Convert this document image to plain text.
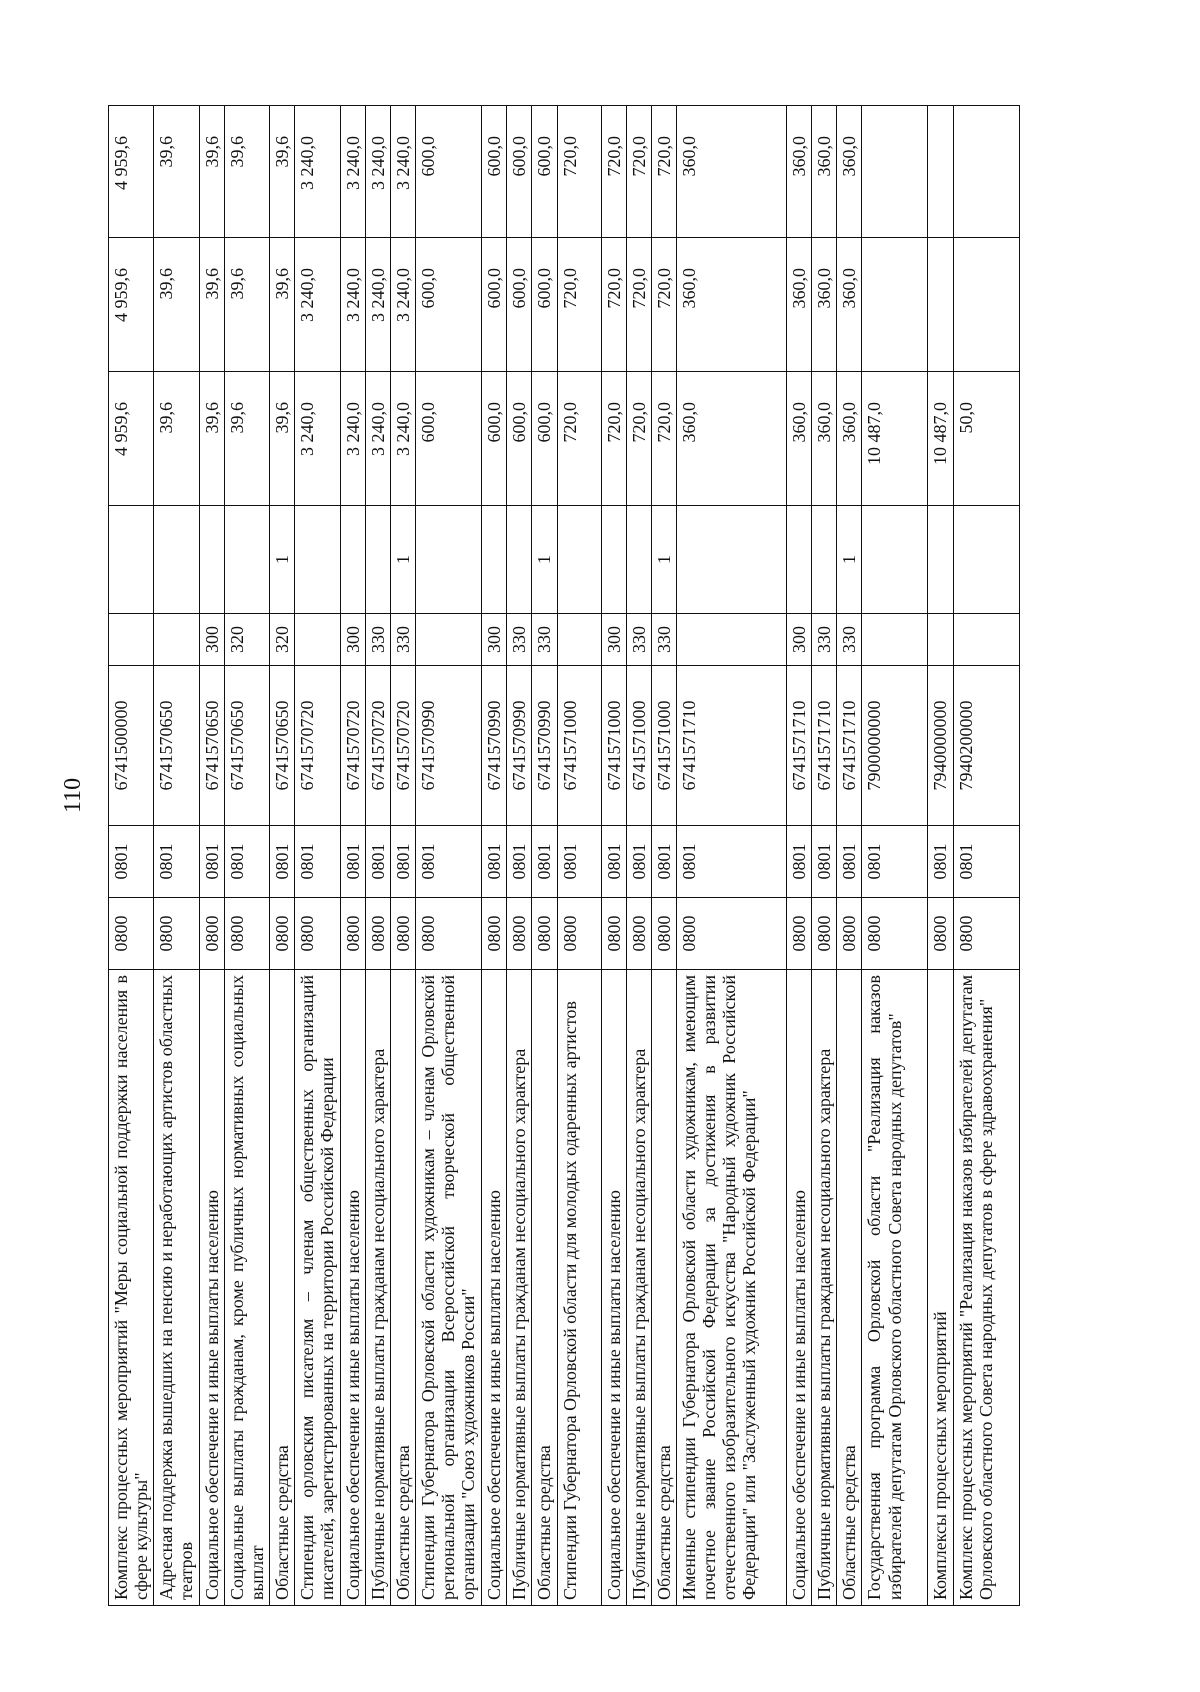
110
Комплекс процессных мероприятий "Меры социальной поддержки населения в сфере культуры"	0800	0801	6741500000			4 959,6	4 959,6	4 959,6
Адресная поддержка вышедших на пенсию и неработающих артистов областных театров	0800	0801	6741570650			39,6	39,6	39,6
Социальное обеспечение и иные выплаты населению	0800	0801	6741570650	300		39,6	39,6	39,6
Социальные выплаты гражданам, кроме публичных нормативных социальных выплат	0800	0801	6741570650	320		39,6	39,6	39,6
Областные средства	0800	0801	6741570650	320	1	39,6	39,6	39,6
Стипендии орловским писателям – членам общественных организаций писателей, зарегистрированных на территории Российской Федерации	0800	0801	6741570720			3 240,0	3 240,0	3 240,0
Социальное обеспечение и иные выплаты населению	0800	0801	6741570720	300		3 240,0	3 240,0	3 240,0
Публичные нормативные выплаты гражданам несоциального характера	0800	0801	6741570720	330		3 240,0	3 240,0	3 240,0
Областные средства	0800	0801	6741570720	330	1	3 240,0	3 240,0	3 240,0
Стипендии Губернатора Орловской области художникам – членам Орловской региональной организации Всероссийской творческой общественной организации "Союз художников России"	0800	0801	6741570990			600,0	600,0	600,0
Социальное обеспечение и иные выплаты населению	0800	0801	6741570990	300		600,0	600,0	600,0
Публичные нормативные выплаты гражданам несоциального характера	0800	0801	6741570990	330		600,0	600,0	600,0
Областные средства	0800	0801	6741570990	330	1	600,0	600,0	600,0
Стипендии Губернатора Орловской области для молодых одаренных артистов	0800	0801	6741571000			720,0	720,0	720,0
Социальное обеспечение и иные выплаты населению	0800	0801	6741571000	300		720,0	720,0	720,0
Публичные нормативные выплаты гражданам несоциального характера	0800	0801	6741571000	330		720,0	720,0	720,0
Областные средства	0800	0801	6741571000	330	1	720,0	720,0	720,0
Именные стипендии Губернатора Орловской области художникам, имеющим почетное звание Российской Федерации за достижения в развитии отечественного изобразительного искусства "Народный художник Российской Федерации" или "Заслуженный художник Российской Федерации"	0800	0801	6741571710			360,0	360,0	360,0
Социальное обеспечение и иные выплаты населению	0800	0801	6741571710	300		360,0	360,0	360,0
Публичные нормативные выплаты гражданам несоциального характера	0800	0801	6741571710	330		360,0	360,0	360,0
Областные средства	0800	0801	6741571710	330	1	360,0	360,0	360,0
Государственная программа Орловской области "Реализация наказов избирателей депутатам Орловского областного Совета народных депутатов"	0800	0801	7900000000			10 487,0		
Комплексы процессных мероприятий	0800	0801	7940000000			10 487,0		
Комплекс процессных мероприятий "Реализация наказов избирателей депутатам Орловского областного Совета народных депутатов в сфере здравоохранения"	0800	0801	7940200000			50,0		
